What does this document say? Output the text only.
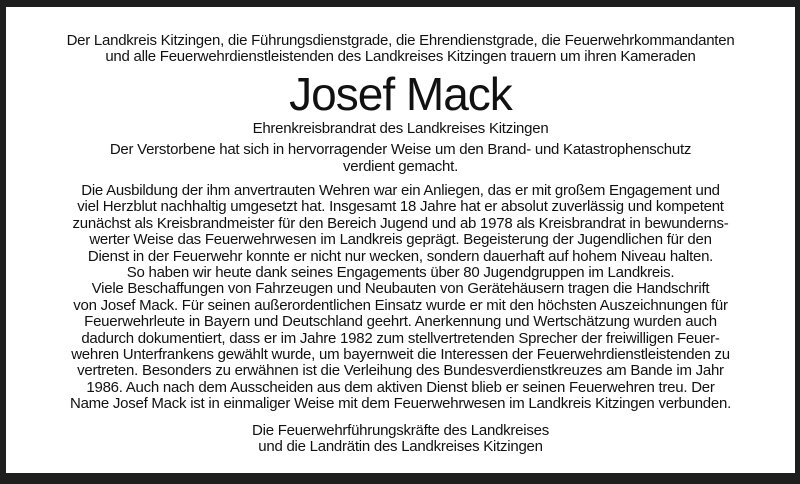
Der Landkreis Kitzingen, die Führungsdienstgrade, die Ehrendienstgrade, die Feuerwehrkommandanten
und alle Feuerwehrdienstleistenden des Landkreises Kitzingen trauern um ihren Kameraden
Josef Mack
Ehrenkreisbrandrat des Landkreises Kitzingen
Der Verstorbene hat sich in hervorragender Weise um den Brand- und Katastrophenschutz
verdient gemacht.
Die Ausbildung der ihm anvertrauten Wehren war ein Anliegen, das er mit großem Engagement und
viel Herzblut nachhaltig umgesetzt hat. Insgesamt 18 Jahre hat er absolut zuverlässig und kompetent
zunächst als Kreisbrandmeister für den Bereich Jugend und ab 1978 als Kreisbrandrat in bewunderns-
werter Weise das Feuerwehrwesen im Landkreis geprägt. Begeisterung der Jugendlichen für den
Dienst in der Feuerwehr konnte er nicht nur wecken, sondern dauerhaft auf hohem Niveau halten.
So haben wir heute dank seines Engagements über 80 Jugendgruppen im Landkreis.
Viele Beschaffungen von Fahrzeugen und Neubauten von Gerätehäusern tragen die Handschrift
von Josef Mack. Für seinen außerordentlichen Einsatz wurde er mit den höchsten Auszeichnungen für
Feuerwehrleute in Bayern und Deutschland geehrt. Anerkennung und Wertschätzung wurden auch
dadurch dokumentiert, dass er im Jahre 1982 zum stellvertretenden Sprecher der freiwilligen Feuer-
wehren Unterfrankens gewählt wurde, um bayernweit die Interessen der Feuerwehrdienstleistenden zu
vertreten. Besonders zu erwähnen ist die Verleihung des Bundesverdienstkreuzes am Bande im Jahr
1986. Auch nach dem Ausscheiden aus dem aktiven Dienst blieb er seinen Feuerwehren treu. Der
Name Josef Mack ist in einmaliger Weise mit dem Feuerwehrwesen im Landkreis Kitzingen verbunden.
Die Feuerwehrführungskräfte des Landkreises
und die Landrätin des Landkreises Kitzingen
